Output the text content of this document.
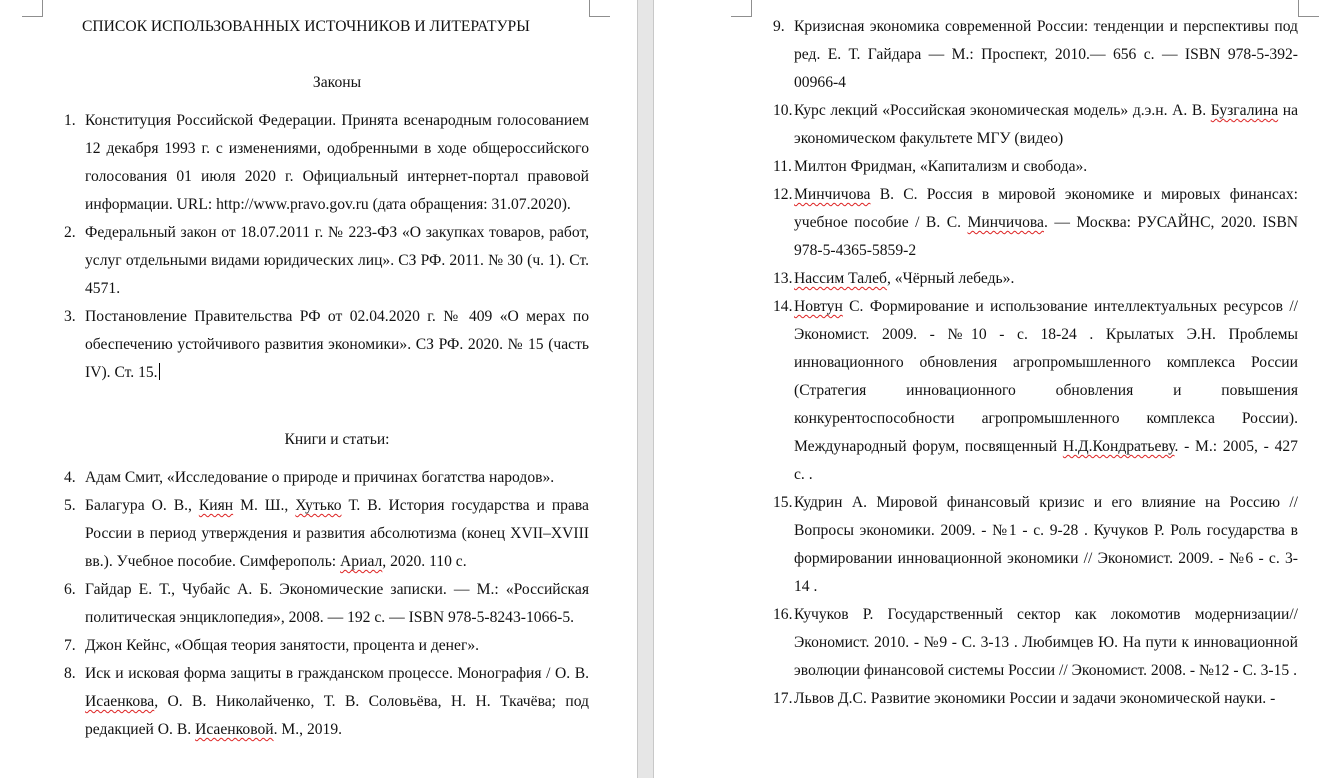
СПИСОК ИСПОЛЬЗОВАННЫХ ИСТОЧНИКОВ И ЛИТЕРАТУРЫ
Законы
1. Конституция Российской Федерации. Принята всенародным голосованием 12 декабря 1993 г. с изменениями, одобренными в ходе общероссийского голосования 01 июля 2020 г. Официальный интернет-портал правовой информации. URL: http://www.pravo.gov.ru (дата обращения: 31.07.2020).
2. Федеральный закон от 18.07.2011 г. № 223-ФЗ «О закупках товаров, работ, услуг отдельными видами юридических лиц». СЗ РФ. 2011. № 30 (ч. 1). Ст. 4571.
3. Постановление Правительства РФ от 02.04.2020 г. № 409 «О мерах по обеспечению устойчивого развития экономики». СЗ РФ. 2020. № 15 (часть IV). Ст. 15.
Книги и статьи:
4. Адам Смит, «Исследование о природе и причинах богатства народов».
5. Балагура О. В., Киян М. Ш., Хутько Т. В. История государства и права России в период утверждения и развития абсолютизма (конец XVII–XVIII вв.). Учебное пособие. Симферополь: Ариал, 2020. 110 с.
6. Гайдар Е. Т., Чубайс А. Б. Экономические записки. — М.: «Российская политическая энциклопедия», 2008. — 192 с. — ISBN 978-5-8243-1066-5.
7. Джон Кейнс, «Общая теория занятости, процента и денег».
8. Иск и исковая форма защиты в гражданском процессе. Монография / О. В. Исаенкова, О. В. Николайченко, Т. В. Соловьёва, Н. Н. Ткачёва; под редакцией О. В. Исаенковой. М., 2019.
9. Кризисная экономика современной России: тенденции и перспективы под ред. Е. Т. Гайдара — М.: Проспект, 2010.— 656 с. — ISBN 978-5-392-00966-4
10. Курс лекций «Российская экономическая модель» д.э.н. А. В. Бузгалина на экономическом факультете МГУ (видео)
11. Милтон Фридман, «Капитализм и свобода».
12. Минчичова В. С. Россия в мировой экономике и мировых финансах: учебное пособие / В. С. Минчичова. — Москва: РУСАЙНС, 2020. ISBN 978-5-4365-5859-2
13. Нассим Талеб, «Чёрный лебедь».
14. Новтун С. Формирование и использование интеллектуальных ресурсов // Экономист. 2009. - №10 - с. 18-24 . Крылатых Э.Н. Проблемы инновационного обновления агропромышленного комплекса России (Стратегия инновационного обновления и повышения конкурентоспособности агропромышленного комплекса России). Международный форум, посвященный Н.Д.Кондратьеву. - М.: 2005, - 427 с. .
15. Кудрин А. Мировой финансовый кризис и его влияние на Россию // Вопросы экономики. 2009. - №1 - с. 9-28 . Кучуков Р. Роль государства в формировании инновационной экономики // Экономист. 2009. - №6 - с. 3-14 .
16. Кучуков Р. Государственный сектор как локомотив модернизации// Экономист. 2010. - №9 - С. 3-13 . Любимцев Ю. На пути к инновационной эволюции финансовой системы России // Экономист. 2008. - №12 - С. 3-15 .
17. Львов Д.С. Развитие экономики России и задачи экономической науки. -
